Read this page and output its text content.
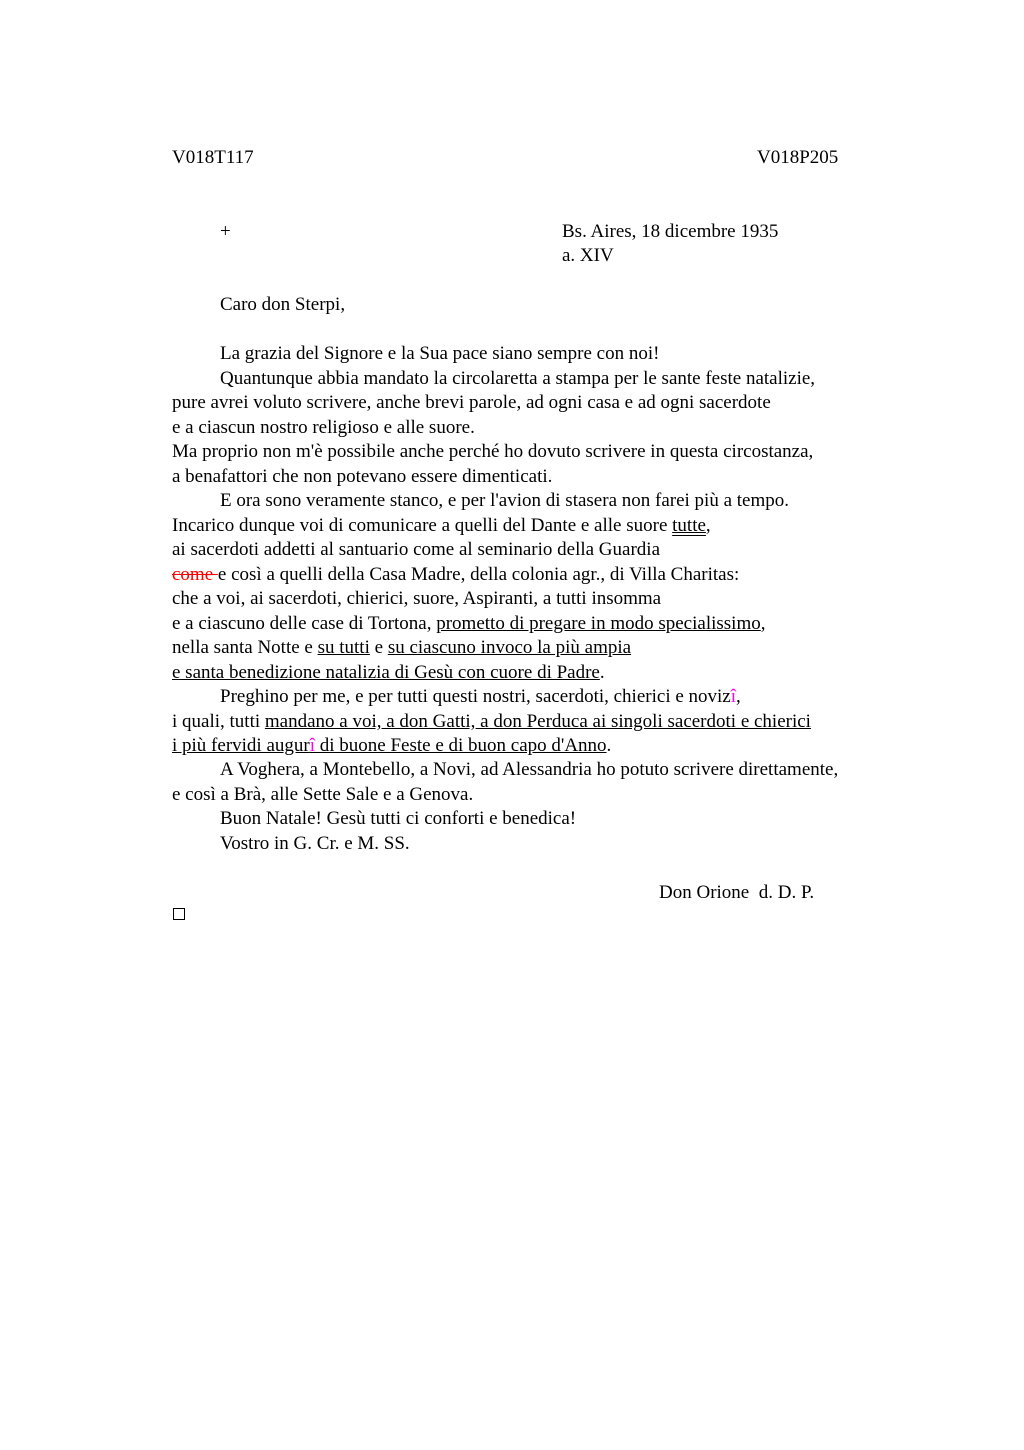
V018T117	V018P205
+	Bs. Aires, 18 dicembre 1935
a. XIV
Caro don Sterpi,
La grazia del Signore e la Sua pace siano sempre con noi!
Quantunque abbia mandato la circolaretta a stampa per le sante feste natalizie,
pure avrei voluto scrivere, anche brevi parole, ad ogni casa e ad ogni sacerdote
e a ciascun nostro religioso e alle suore.
Ma proprio non m'è possibile anche perché ho dovuto scrivere in questa circostanza,
a benafattori che non potevano essere dimenticati.
E ora sono veramente stanco, e per l'avion di stasera non farei più a tempo.
Incarico dunque voi di comunicare a quelli del Dante e alle suore tutte,
ai sacerdoti addetti al santuario come al seminario della Guardia
come e così a quelli della Casa Madre, della colonia agr., di Villa Charitas:
che a voi, ai sacerdoti, chierici, suore, Aspiranti, a tutti insomma
e a ciascuno delle case di Tortona, prometto di pregare in modo specialissimo,
nella santa Notte e su tutti e su ciascuno invoco la più ampia
e santa benedizione natalizia di Gesù con cuore di Padre.
Preghino per me, e per tutti questi nostri, sacerdoti, chierici e novizî,
i quali, tutti mandano a voi, a don Gatti, a don Perduca ai singoli sacerdoti e chierici
i più fervidi augurî di buone Feste e di buon capo d'Anno.
A Voghera, a Montebello, a Novi, ad Alessandria ho potuto scrivere direttamente,
e così a Brà, alle Sette Sale e a Genova.
Buon Natale! Gesù tutti ci conforti e benedica!
Vostro in G. Cr. e M. SS.
Don Orione  d. D. P.
